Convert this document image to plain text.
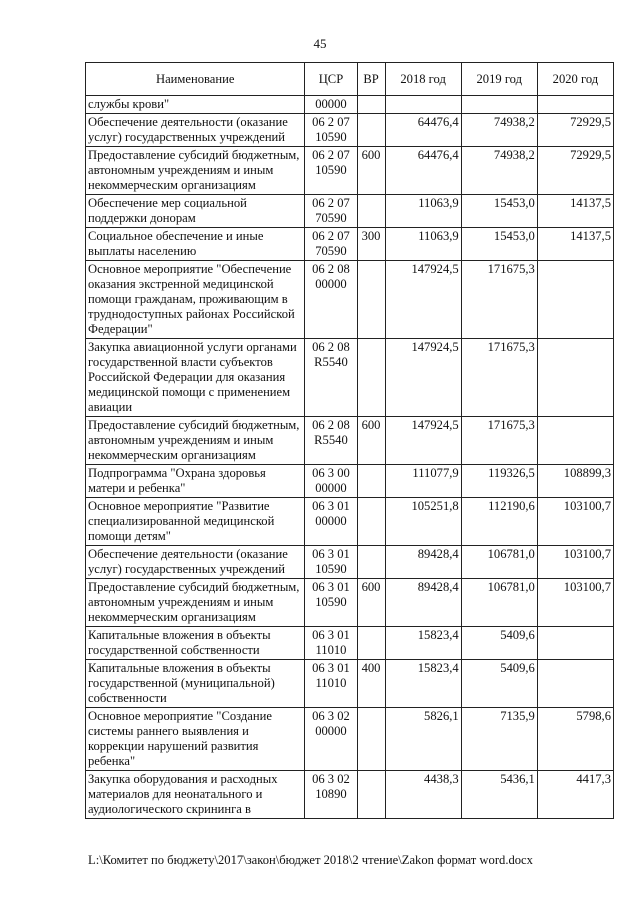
45
Наименование	ЦСР	ВР	2018 год	2019 год	2020 год
службы крови"	00000				
Обеспечение деятельности (оказание услуг) государственных учреждений	06 2 07 10590		64476,4	74938,2	72929,5
Предоставление субсидий бюджетным, автономным учреждениям и иным некоммерческим организациям	06 2 07 10590	600	64476,4	74938,2	72929,5
Обеспечение мер социальной поддержки донорам	06 2 07 70590		11063,9	15453,0	14137,5
Социальное обеспечение и иные выплаты населению	06 2 07 70590	300	11063,9	15453,0	14137,5
Основное мероприятие "Обеспечение оказания экстренной медицинской помощи гражданам, проживающим в труднодоступных районах Российской Федерации"	06 2 08 00000		147924,5	171675,3	
Закупка авиационной услуги органами государственной власти субъектов Российской Федерации для оказания медицинской помощи с применением авиации	06 2 08 R5540		147924,5	171675,3	
Предоставление субсидий бюджетным, автономным учреждениям и иным некоммерческим организациям	06 2 08 R5540	600	147924,5	171675,3	
Подпрограмма "Охрана здоровья матери и ребенка"	06 3 00 00000		111077,9	119326,5	108899,3
Основное мероприятие "Развитие специализированной медицинской помощи детям"	06 3 01 00000		105251,8	112190,6	103100,7
Обеспечение деятельности (оказание услуг) государственных учреждений	06 3 01 10590		89428,4	106781,0	103100,7
Предоставление субсидий бюджетным, автономным учреждениям и иным некоммерческим организациям	06 3 01 10590	600	89428,4	106781,0	103100,7
Капитальные вложения в объекты государственной собственности	06 3 01 11010		15823,4	5409,6	
Капитальные вложения в объекты государственной (муниципальной) собственности	06 3 01 11010	400	15823,4	5409,6	
Основное мероприятие "Создание системы раннего выявления и коррекции нарушений развития ребенка"	06 3 02 00000		5826,1	7135,9	5798,6
Закупка оборудования и расходных материалов для неонатального и аудиологического скрининга в	06 3 02 10890		4438,3	5436,1	4417,3
L:\Комитет по бюджету\2017\закон\бюджет 2018\2 чтение\Zakon формат word.docx
